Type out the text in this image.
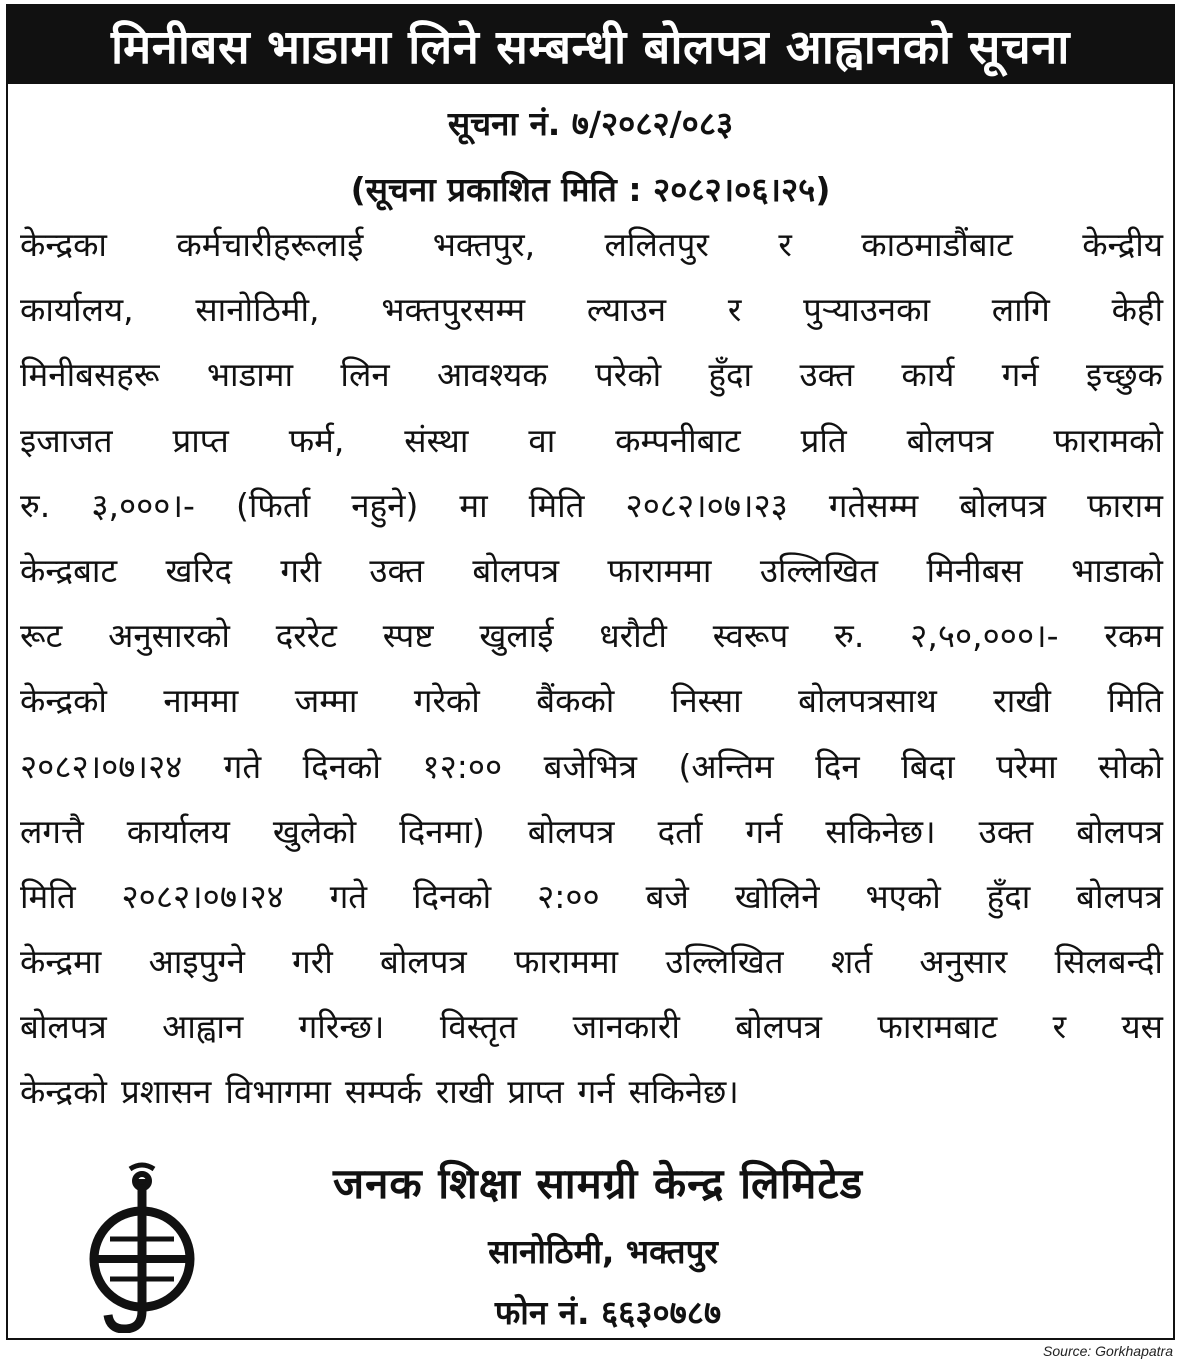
मिनीबस भाडामा लिने सम्बन्धी बोलपत्र आह्वानको सूचना
सूचना नं. ७/२०८२/०८३
(सूचना प्रकाशित मिति : २०८२।०६।२५)
केन्द्रका कर्मचारीहरूलाई भक्तपुर, ललितपुर र काठमाडौंबाट केन्द्रीय
कार्यालय, सानोठिमी, भक्तपुरसम्म ल्याउन र पुर्‍याउनका लागि केही
मिनीबसहरू भाडामा लिन आवश्यक परेको हुँदा उक्त कार्य गर्न इच्छुक
इजाजत प्राप्त फर्म, संस्था वा कम्पनीबाट प्रति बोलपत्र फारामको
रु. ३,०००।- (फिर्ता नहुने) मा मिति २०८२।०७।२३ गतेसम्म बोलपत्र फाराम
केन्द्रबाट खरिद गरी उक्त बोलपत्र फाराममा उल्लिखित मिनीबस भाडाको
रूट अनुसारको दररेट स्पष्ट खुलाई धरौटी स्वरूप रु. २,५०,०००।- रकम
केन्द्रको नाममा जम्मा गरेको बैंकको निस्सा बोलपत्रसाथ राखी मिति
२०८२।०७।२४ गते दिनको १२:०० बजेभित्र (अन्तिम दिन बिदा परेमा सोको
लगत्तै कार्यालय खुलेको दिनमा) बोलपत्र दर्ता गर्न सकिनेछ। उक्त बोलपत्र
मिति २०८२।०७।२४ गते दिनको २:०० बजे खोलिने भएको हुँदा बोलपत्र
केन्द्रमा आइपुग्ने गरी बोलपत्र फाराममा उल्लिखित शर्त अनुसार सिलबन्दी
बोलपत्र आह्वान गरिन्छ। विस्तृत जानकारी बोलपत्र फारामबाट र यस
केन्द्रको प्रशासन विभागमा सम्पर्क राखी प्राप्त गर्न सकिनेछ।
जनक शिक्षा सामग्री केन्द्र लिमिटेड
सानोठिमी, भक्तपुर
फोन नं. ६६३०७८७
Source: Gorkhapatra
